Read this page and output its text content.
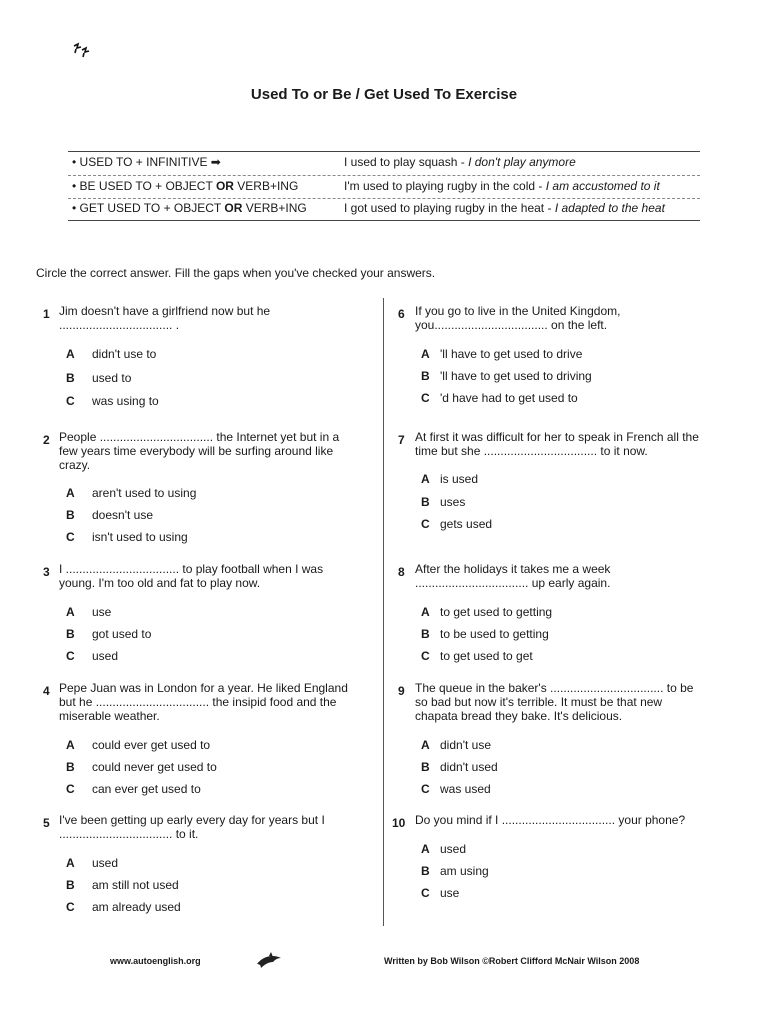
Used To or Be / Get Used To Exercise
• USED TO + INFINITIVE ➡	I used to play squash - I don't play anymore
• BE USED TO + OBJECT OR VERB+ING	I'm used to playing rugby in the cold - I am accustomed to it
• GET USED TO + OBJECT OR VERB+ING	I got used to playing rugby in the heat - I adapted to the heat
Circle the correct answer. Fill the gaps when you've checked your answers.
1 Jim doesn't have a girlfriend now but he
.................................. .
A didn't use to
B used to
C was using to
2 People .................................. the Internet yet but in a
few years time everybody will be surfing around like
crazy.
A aren't used to using
B doesn't use
C isn't used to using
3 I .................................. to play football when I was
young. I'm too old and fat to play now.
A use
B got used to
C used
4 Pepe Juan was in London for a year. He liked England
but he .................................. the insipid food and the
miserable weather.
A could ever get used to
B could never get used to
C can ever get used to
5 I've been getting up early every day for years but I
.................................. to it.
A used
B am still not used
C am already used
6 If you go to live in the United Kingdom,
you.................................. on the left.
A 'll have to get used to drive
B 'll have to get used to driving
C 'd have had to get used to
7 At first it was difficult for her to speak in French all the
time but she .................................. to it now.
A is used
B uses
C gets used
8 After the holidays it takes me a week
.................................. up early again.
A to get used to getting
B to be used to getting
C to get used to get
9 The queue in the baker's .................................. to be
so bad but now it's terrible. It must be that new
chapata bread they bake. It's delicious.
A didn't use
B didn't used
C was used
10 Do you mind if I .................................. your phone?
A used
B am using
C use
www.autoenglish.org	Written by Bob Wilson ©Robert Clifford McNair Wilson 2008
